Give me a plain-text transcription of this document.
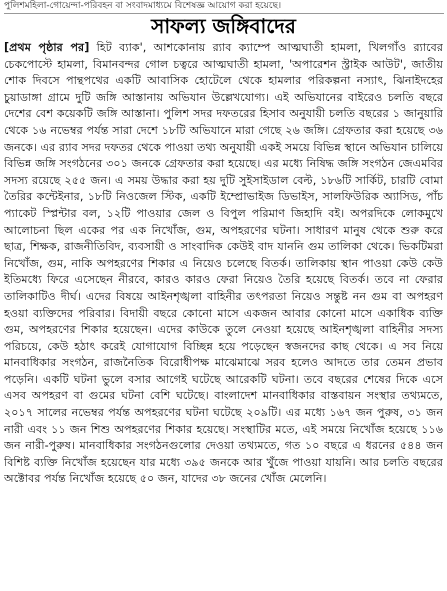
পুলিশমহিলা-গোয়েন্দা-পরিবহন বা সংবাদমাধ্যমে বিশেষজ্ঞ আয়োগ করা হয়েছে।
সাফল্য জঙ্গিবাদের

[প্রথম পৃষ্ঠার পর] হিট ব্যাক', আশকোনায় র‍্যাব ক্যাম্পে আত্মঘাতী হামলা, খিলগাঁও র‍্যাবের চেকপোস্টে হামলা, বিমানবন্দর গোল চত্বরে আত্মঘাতী হামলা, 'অপারেশন স্ট্রাইক আউট', জাতীয় শোক দিবসে পান্থপথের একটি আবাসিক হোটেলে থেকে হামলার পরিকল্পনা নস্যাৎ, ঝিনাইদহের চুয়াডাঙ্গা গ্রামে দুটি জঙ্গি আস্তানায় অভিযান উল্লেখযোগ্য। এই অভিযানের বাইরেও চলতি বছরে দেশের বেশ কয়েকটি জঙ্গি আস্তানা। পুলিশ সদর দফতরের হিসাব অনুযায়ী চলতি বছরের ১ জানুয়ারি থেকে ১৬ নভেম্বর পর্যন্ত সারা দেশে ১৮টি অভিযানে মারা গেছে ২৬ জঙ্গি। গ্রেফতার করা হয়েছে ৩৬ জনকে। এর র‍্যাব সদর দফতর থেকে পাওয়া তথ্য অনুযায়ী একই সময়ে বিভিন্ন স্থানে অভিযান চালিয়ে বিভিন্ন জঙ্গি সংগঠনের ৩০১ জনকে গ্রেফতার করা হয়েছে। এর মধ্যে নিষিদ্ধ জঙ্গি সংগঠন জেএমবির সদস্য রয়েছে ২৫৫ জন। এ সময় উদ্ধার করা হয় দুটি সুইসাইডাল বেল্ট, ১৮৬টি সার্কিট, চারটি বোমা তৈরির কন্টেইনার, ১৮টি নিওজেল স্টিক, একটি ইম্প্রোভাইজ ডিভাইস, সালফিউরিক অ্যাসিড, পাঁচ প্যাকেট স্প্লিন্টার বল, ১২টি পাওয়ার জেল ও বিপুল পরিমাণ জিহাদি বই। অপরদিকে লোকমুখে আলোচনা ছিল একের পর এক নিখোঁজ, গুম, অপহরণের ঘটনা। সাধারণ মানুষ থেকে শুরু করে ছাত্র, শিক্ষক, রাজনীতিবিদ, ব্যবসায়ী ও সাংবাদিক কেউই বাদ যাননি গুম তালিকা থেকে। ভিকটিমরা নিখোঁজ, গুম, নাকি অপহরণের শিকার এ নিয়েও চলেছে বিতর্ক। তালিকায় স্থান পাওয়া কেউ কেউ ইতিমধ্যে ফিরে এসেছেন নীরবে, কারও কারও ফেরা নিয়েও তৈরি হয়েছে বিতর্ক। তবে না ফেরার তালিকাটিও দীর্ঘ। এদের বিষয়ে আইনশৃঙ্খলা বাহিনীর তৎপরতা নিয়েও সন্তুষ্ট নন গুম বা অপহরণ হওয়া ব্যক্তিদের পরিবার। বিদায়ী বছরে কোনো মাসে একজন আবার কোনো মাসে একাধিক ব্যক্তি গুম, অপহরণের শিকার হয়েছেন। এদের কাউকে তুলে নেওয়া হয়েছে আইনশৃঙ্খলা বাহিনীর সদস্য পরিচয়ে, কেউ হঠাৎ করেই যোগাযোগ বিচ্ছিন্ন হয়ে পড়েছেন স্বজনদের কাছ থেকে। এ সব নিয়ে মানবাধিকার সংগঠন, রাজনৈতিক বিরোধীপক্ষ মাঝেমাঝে সরব হলেও আদতে তার তেমন প্রভাব পড়েনি। একটি ঘটনা ভুলে বসার আগেই ঘটেছে আরেকটি ঘটনা। তবে বছরের শেষের দিকে এসে এসব অপহরণ বা গুমের ঘটনা বেশি ঘটেছে। বাংলাদেশ মানবাধিকার বাস্তবায়ন সংস্থার তথ্যমতে, ২০১৭ সালের নভেম্বর পর্যন্ত অপহরণের ঘটনা ঘটেছে ২০৯টি। এর মধ্যে ১৬৭ জন পুরুষ, ৩১ জন নারী এবং ১১ জন শিশু অপহরণের শিকার হয়েছে। সংস্থাটির মতে, এই সময়ে নিখোঁজ হয়েছে ১১৬ জন নারী-পুরুষ। মানবাধিকার সংগঠনগুলোর দেওয়া তথ্যমতে, গত ১০ বছরে এ ধরনের ৫৪৪ জন বিশিষ্ট ব্যক্তি নিখোঁজ হয়েছেন যার মধ্যে ৩৯৫ জনকে আর খুঁজে পাওয়া যায়নি। আর চলতি বছরের অক্টোবর পর্যন্ত নিখোঁজ হয়েছে ৫০ জন, যাদের ৩৮ জনের খোঁজ মেলেনি।
